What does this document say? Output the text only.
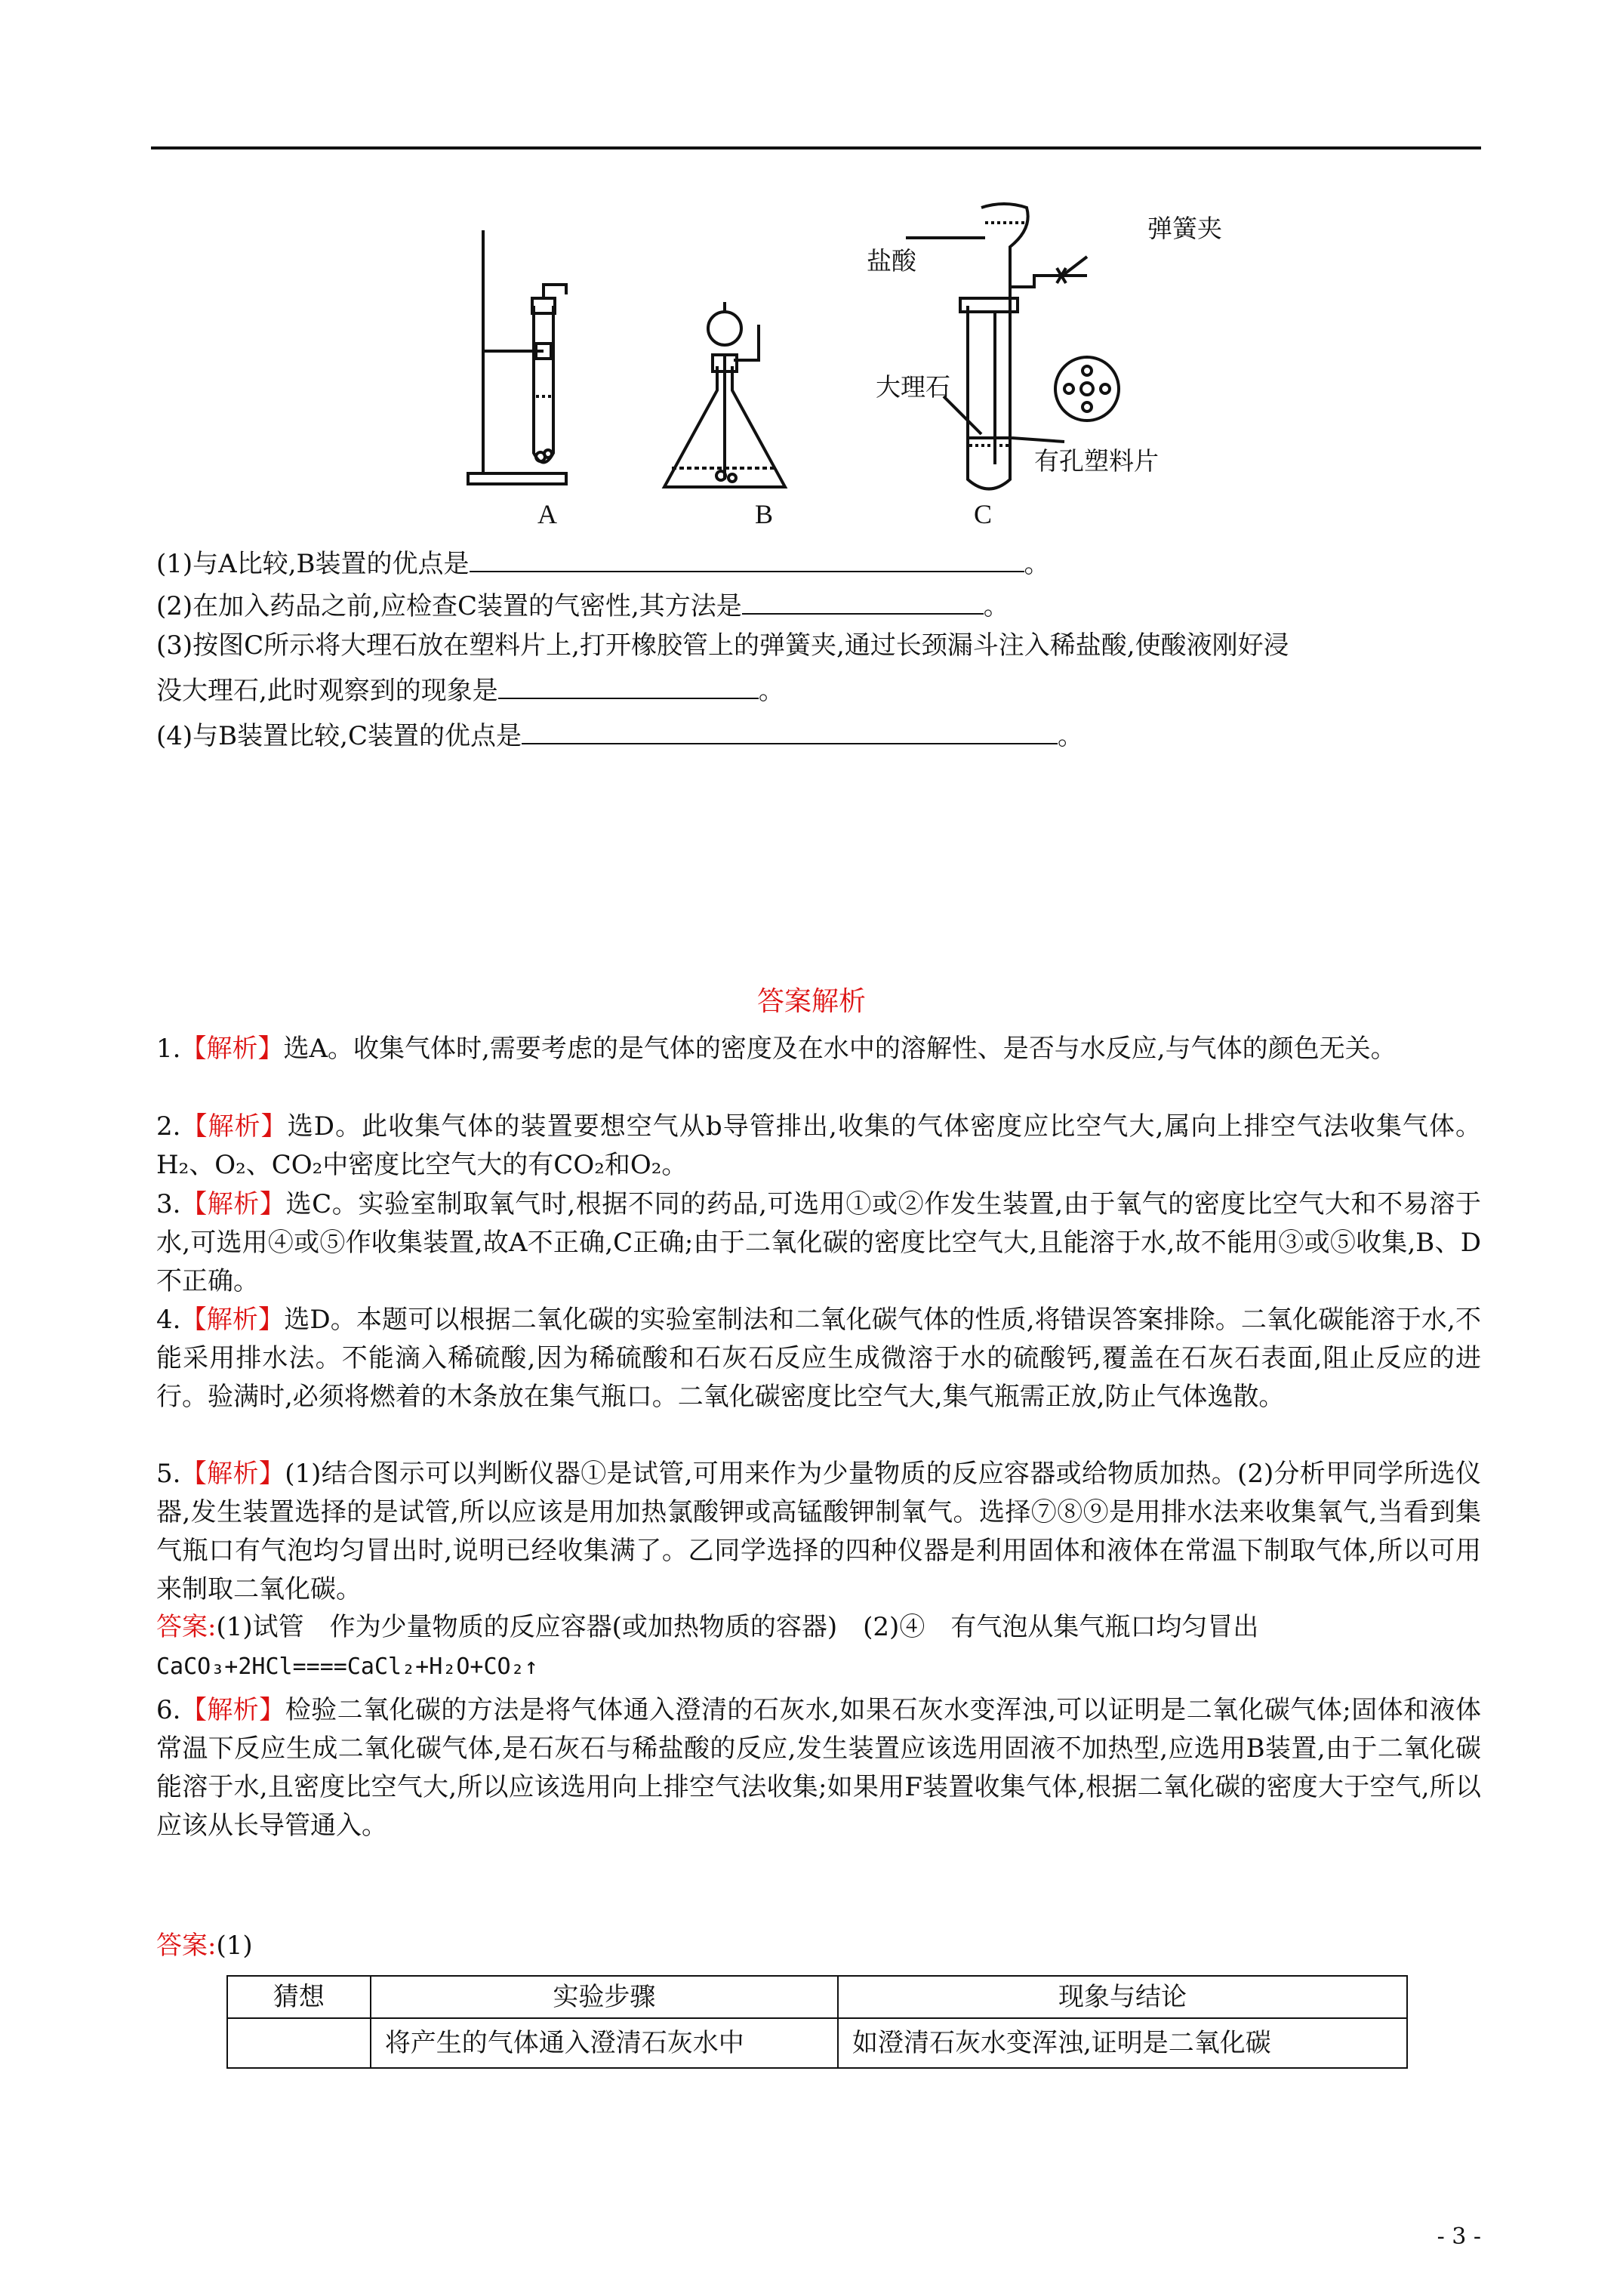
弹簧夹
盐酸
大理石
有孔塑料片
A	B	C
(1)与A比较,B装置的优点是	。
(2)在加入药品之前,应检查C装置的气密性,其方法是	。
(3)按图C所示将大理石放在塑料片上,打开橡胶管上的弹簧夹,通过长颈漏斗注入稀盐酸,使酸液刚好浸
没大理石,此时观察到的现象是	。
(4)与B装置比较,C装置的优点是	。
答案解析
1.【解析】选A。收集气体时,需要考虑的是气体的密度及在水中的溶解性、是否与水反应,与气体的颜色无关。
2.【解析】选D。此收集气体的装置要想空气从b导管排出,收集的气体密度应比空气大,属向上排空气法收集气体。H₂、O₂、CO₂中密度比空气大的有CO₂和O₂。
3.【解析】选C。实验室制取氧气时,根据不同的药品,可选用①或②作发生装置,由于氧气的密度比空气大和不易溶于水,可选用④或⑤作收集装置,故A不正确,C正确;由于二氧化碳的密度比空气大,且能溶于水,故不能用③或⑤收集,B、D不正确。
4.【解析】选D。本题可以根据二氧化碳的实验室制法和二氧化碳气体的性质,将错误答案排除。二氧化碳能溶于水,不能采用排水法。不能滴入稀硫酸,因为稀硫酸和石灰石反应生成微溶于水的硫酸钙,覆盖在石灰石表面,阻止反应的进行。验满时,必须将燃着的木条放在集气瓶口。二氧化碳密度比空气大,集气瓶需正放,防止气体逸散。
5.【解析】(1)结合图示可以判断仪器①是试管,可用来作为少量物质的反应容器或给物质加热。(2)分析甲同学所选仪器,发生装置选择的是试管,所以应该是用加热氯酸钾或高锰酸钾制氧气。选择⑦⑧⑨是用排水法来收集氧气,当看到集气瓶口有气泡均匀冒出时,说明已经收集满了。乙同学选择的四种仪器是利用固体和液体在常温下制取气体,所以可用来制取二氧化碳。
答案:(1)试管　作为少量物质的反应容器(或加热物质的容器)　(2)④　有气泡从集气瓶口均匀冒出
CaCO₃+2HCl====CaCl₂+H₂O+CO₂↑
6.【解析】检验二氧化碳的方法是将气体通入澄清的石灰水,如果石灰水变浑浊,可以证明是二氧化碳气体;固体和液体常温下反应生成二氧化碳气体,是石灰石与稀盐酸的反应,发生装置应该选用固液不加热型,应选用B装置,由于二氧化碳能溶于水,且密度比空气大,所以应该选用向上排空气法收集;如果用F装置收集气体,根据二氧化碳的密度大于空气,所以应该从长导管通入。
答案:(1)
猜想	实验步骤	现象与结论
	将产生的气体通入澄清石灰水中	如澄清石灰水变浑浊,证明是二氧化碳
- 3 -
